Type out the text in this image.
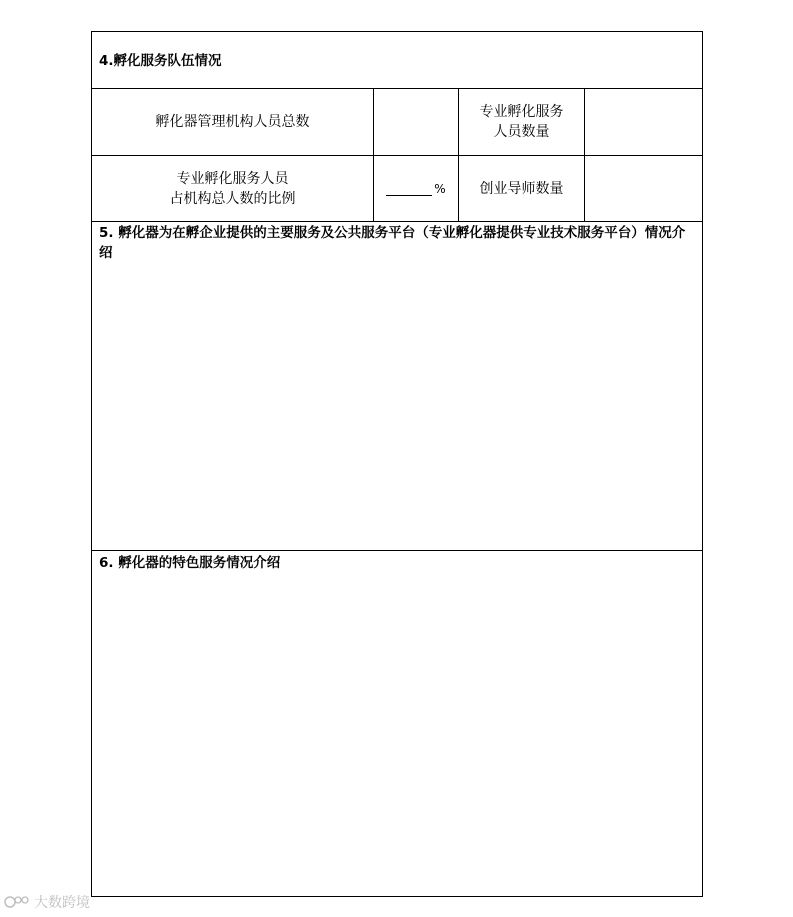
4.孵化服务队伍情况
孵化器管理机构人员总数
专业孵化服务
人员数量
专业孵化服务人员
占机构总人数的比例
%	创业导师数量
5. 孵化器为在孵企业提供的主要服务及公共服务平台（专业孵化器提供专业技术服务平台）情况介绍
6. 孵化器的特色服务情况介绍
大数跨境
